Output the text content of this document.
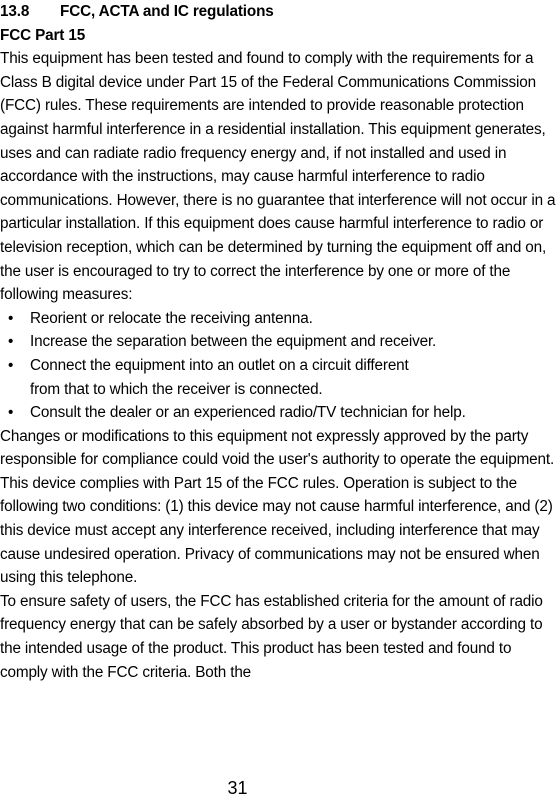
13.8 FCC, ACTA and IC regulations
FCC Part 15

This equipment has been tested and found to comply with the requirements for a Class B digital device under Part 15 of the Federal Communications Commission (FCC) rules. These requirements are intended to provide reasonable protection against harmful interference in a residential installation. This equipment generates, uses and can radiate radio frequency energy and, if not installed and used in accordance with the instructions, may cause harmful interference to radio communications. However, there is no guarantee that interference will not occur in a particular installation. If this equipment does cause harmful interference to radio or television reception, which can be determined by turning the equipment off and on, the user is encouraged to try to correct the interference by one or more of the following measures:

• Reorient or relocate the receiving antenna.
• Increase the separation between the equipment and receiver.
• Connect the equipment into an outlet on a circuit different
from that to which the receiver is connected.
• Consult the dealer or an experienced radio/TV technician for help.

Changes or modifications to this equipment not expressly approved by the party responsible for compliance could void the user's authority to operate the equipment.

This device complies with Part 15 of the FCC rules. Operation is subject to the following two conditions: (1) this device may not cause harmful interference, and (2) this device must accept any interference received, including interference that may cause undesired operation. Privacy of communications may not be ensured when using this telephone.

To ensure safety of users, the FCC has established criteria for the amount of radio frequency energy that can be safely absorbed by a user or bystander according to the intended usage of the product. This product has been tested and found to comply with the FCC criteria. Both the

31
